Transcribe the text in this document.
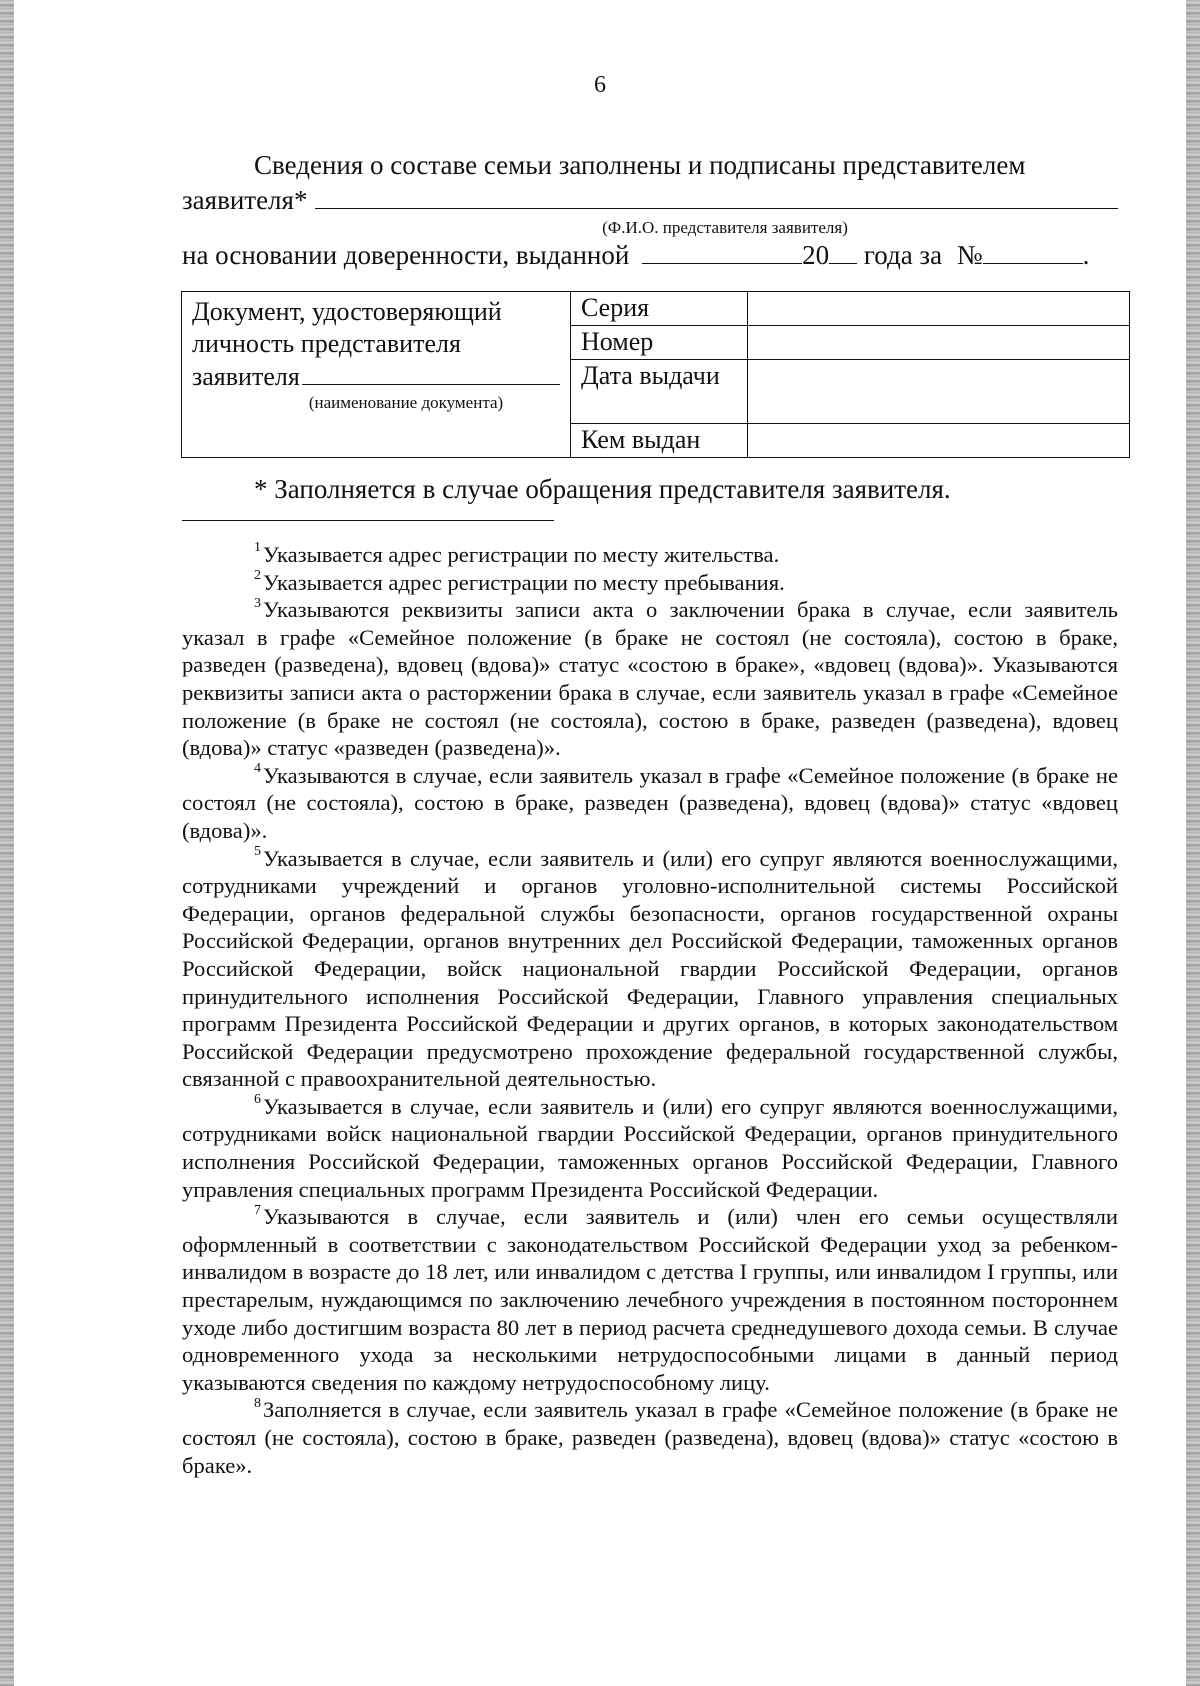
6

Сведения о составе семьи заполнены и подписаны представителем

заявителя*
(Ф.И.О. представителя заявителя)
на основании доверенности, выданной	20 года за №	.
Документ, удостоверяющий
личность представителя
заявителя
(наименование документа)	Серия	
	Номер	
	Дата выдачи	
	Кем выдан	

* Заполняется в случае обращения представителя заявителя.

$^1$Указывается адрес регистрации по месту жительства.

$^2$Указывается адрес регистрации по месту пребывания.

$^3$Указываются реквизиты записи акта о заключении брака в случае, если заявитель указал в графе «Семейное положение (в браке не состоял (не состояла), состою в браке, разведен (разведена), вдовец (вдова)» статус «состою в браке», «вдовец (вдова)». Указываются реквизиты записи акта о расторжении брака в случае, если заявитель указал в графе «Семейное положение (в браке не состоял (не состояла), состою в браке, разведен (разведена), вдовец (вдова)» статус «разведен (разведена)».

$^4$Указываются в случае, если заявитель указал в графе «Семейное положение (в браке не состоял (не состояла), состою в браке, разведен (разведена), вдовец (вдова)» статус «вдовец (вдова)».

$^5$Указывается в случае, если заявитель и (или) его супруг являются военнослужащими, сотрудниками учреждений и органов уголовно-исполнительной системы Российской Федерации, органов федеральной службы безопасности, органов государственной охраны Российской Федерации, органов внутренних дел Российской Федерации, таможенных органов Российской Федерации, войск национальной гвардии Российской Федерации, органов принудительного исполнения Российской Федерации, Главного управления специальных программ Президента Российской Федерации и других органов, в которых законодательством Российской Федерации предусмотрено прохождение федеральной государственной службы, связанной с правоохранительной деятельностью.

$^6$Указывается в случае, если заявитель и (или) его супруг являются военнослужащими, сотрудниками войск национальной гвардии Российской Федерации, органов принудительного исполнения Российской Федерации, таможенных органов Российской Федерации, Главного управления специальных программ Президента Российской Федерации.

$^7$Указываются в случае, если заявитель и (или) член его семьи осуществляли оформленный в соответствии с законодательством Российской Федерации уход за ребенком-инвалидом в возрасте до 18 лет, или инвалидом с детства I группы, или инвалидом I группы, или престарелым, нуждающимся по заключению лечебного учреждения в постоянном постороннем уходе либо достигшим возраста 80 лет в период расчета среднедушевого дохода семьи. В случае одновременного ухода за несколькими нетрудоспособными лицами в данный период указываются сведения по каждому нетрудоспособному лицу.

$^8$Заполняется в случае, если заявитель указал в графе «Семейное положение (в браке не состоял (не состояла), состою в браке, разведен (разведена), вдовец (вдова)» статус «состою в браке».
